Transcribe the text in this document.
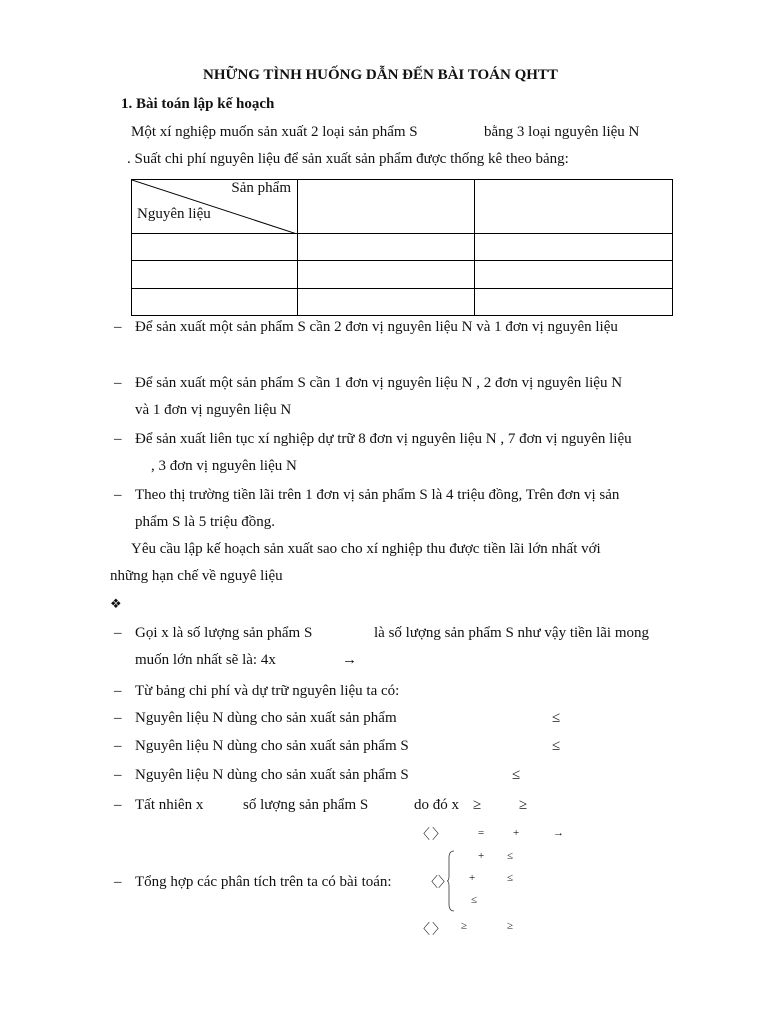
NHỮNG TÌNH HUỐNG DẪN ĐẾN BÀI TOÁN QHTT
1. Bài toán lập kế hoạch
Một xí nghiệp muốn sản xuất 2 loại sản phẩm S	bằng 3 loại nguyên liệu N
. Suất chi phí nguyên liệu để sản xuất sản phẩm được thống kê theo bảng:
Sản phẩm
Nguyên liệu		

– Để sản xuất một sản phẩm S cần 2 đơn vị nguyên liệu N và 1 đơn vị nguyên liệu
– Để sản xuất một sản phẩm S cần 1 đơn vị nguyên liệu N , 2 đơn vị nguyên liệu N
và 1 đơn vị nguyên liệu N
– Để sản xuất liên tục xí nghiệp dự trữ 8 đơn vị nguyên liệu N , 7 đơn vị nguyên liệu
, 3 đơn vị nguyên liệu N
– Theo thị trường tiền lãi trên 1 đơn vị sản phẩm S là 4 triệu đồng, Trên đơn vị sản
phẩm S là 5 triệu đồng.
Yêu cầu lập kế hoạch sản xuất sao cho xí nghiệp thu được tiền lãi lớn nhất với
những hạn chế về nguyê liệu
❖
– Gọi x là số lượng sản phẩm S	là số lượng sản phẩm S như vậy tiền lãi mong
muốn lớn nhất sẽ là: 4x	→
– Từ bảng chi phí và dự trữ nguyên liệu ta có:
– Nguyên liệu N dùng cho sản xuất sản phẩm	≤
– Nguyên liệu N dùng cho sản xuất sản phẩm S	≤
– Nguyên liệu N dùng cho sản xuất sản phẩm S	≤
– Tất nhiên x	số lượng sản phẩm S	do đó x ≥	≥
〈 〉	=	+	→
+ ≤
+	≤
≤
– Tổng hợp các phân tích trên ta có bài toán: 〈 〉
〈 〉 ≥	≥
